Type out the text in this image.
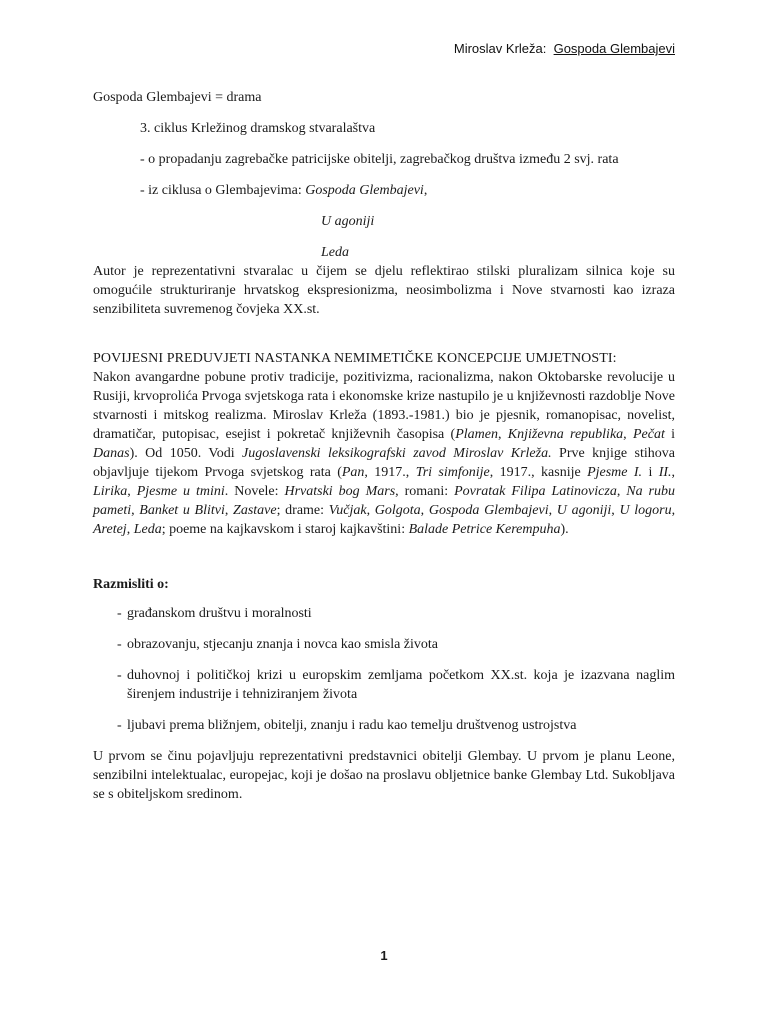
Miroslav Krleža: Gospoda Glembajevi
Gospoda Glembajevi = drama
3. ciklus Krležinog dramskog stvaralaštva
- o propadanju zagrebačke patricijske obitelji, zagrebačkog društva između 2 svj. rata
- iz ciklusa o Glembajevima: Gospoda Glembajevi,
U agoniji
Leda

Autor je reprezentativni stvaralac u čijem se djelu reflektirao stilski pluralizam silnica koje su omogućile strukturiranje hrvatskog ekspresionizma, neosimbolizma i Nove stvarnosti kao izraza senzibiliteta suvremenog čovjeka XX.st.

POVIJESNI PREDUVJETI NASTANKA NEMIMETIČKE KONCEPCIJE UMJETNOSTI:

Nakon avangardne pobune protiv tradicije, pozitivizma, racionalizma, nakon Oktobarske revolucije u Rusiji, krvoprolića Prvoga svjetskoga rata i ekonomske krize nastupilo je u književnosti razdoblje Nove stvarnosti i mitskog realizma. Miroslav Krleža (1893.-1981.) bio je pjesnik, romanopisac, novelist, dramatičar, putopisac, esejist i pokretač književnih časopisa (Plamen, Književna republika, Pečat i Danas). Od 1050. Vodi Jugoslavenski leksikografski zavod Miroslav Krleža. Prve knjige stihova objavljuje tijekom Prvoga svjetskog rata (Pan, 1917., Tri simfonije, 1917., kasnije Pjesme I. i II., Lirika, Pjesme u tmini. Novele: Hrvatski bog Mars, romani: Povratak Filipa Latinovicza, Na rubu pameti, Banket u Blitvi, Zastave; drame: Vučjak, Golgota, Gospoda Glembajevi, U agoniji, U logoru, Aretej, Leda; poeme na kajkavskom i staroj kajkavštini: Balade Petrice Kerempuha).

Razmisliti o:
- građanskom društvu i moralnosti
- obrazovanju, stjecanju znanja i novca kao smisla života
- duhovnoj i političkoj krizi u europskim zemljama početkom XX.st. koja je izazvana naglim širenjem industrije i tehniziranjem života
- ljubavi prema bližnjem, obitelji, znanju i radu kao temelju društvenog ustrojstva

U prvom se činu pojavljuju reprezentativni predstavnici obitelji Glembay. U prvom je planu Leone, senzibilni intelektualac, europejac, koji je došao na proslavu obljetnice banke Glembay Ltd. Sukobljava se s obiteljskom sredinom.

1
